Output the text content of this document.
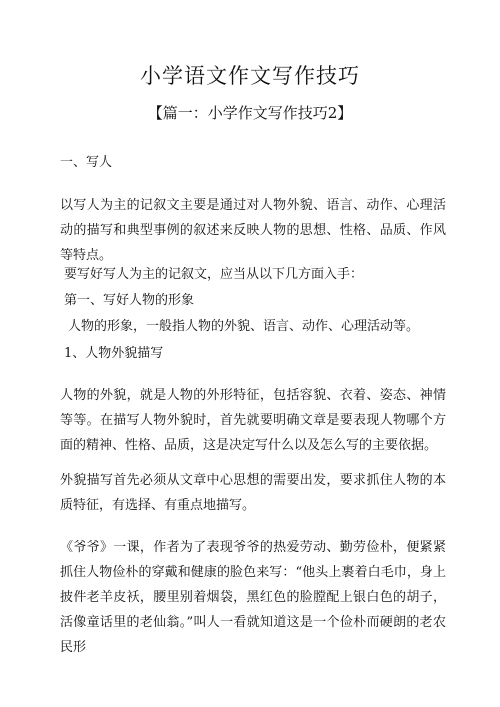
小学语文作文写作技巧
【篇一：小学作文写作技巧2】
一、写人
以写人为主的记叙文主要是通过对人物外貌、语言、动作、心理活动的描写和典型事例的叙述来反映人物的思想、性格、品质、作风等特点。
要写好写人为主的记叙文，应当从以下几方面入手：
第一、写好人物的形象
人物的形象，一般指人物的外貌、语言、动作、心理活动等。
1、人物外貌描写
人物的外貌，就是人物的外形特征，包括容貌、衣着、姿态、神情等等。在描写人物外貌时，首先就要明确文章是要表现人物哪个方面的精神、性格、品质，这是决定写什么以及怎么写的主要依据。
外貌描写首先必须从文章中心思想的需要出发，要求抓住人物的本质特征，有选择、有重点地描写。
《爷爷》一课，作者为了表现爷爷的热爱劳动、勤劳俭朴，便紧紧抓住人物俭朴的穿戴和健康的脸色来写：“他头上裹着白毛巾，身上披件老羊皮袄，腰里别着烟袋，黑红色的脸膛配上银白色的胡子，活像童话里的老仙翁。”叫人一看就知道这是一个俭朴而硬朗的老农民形
